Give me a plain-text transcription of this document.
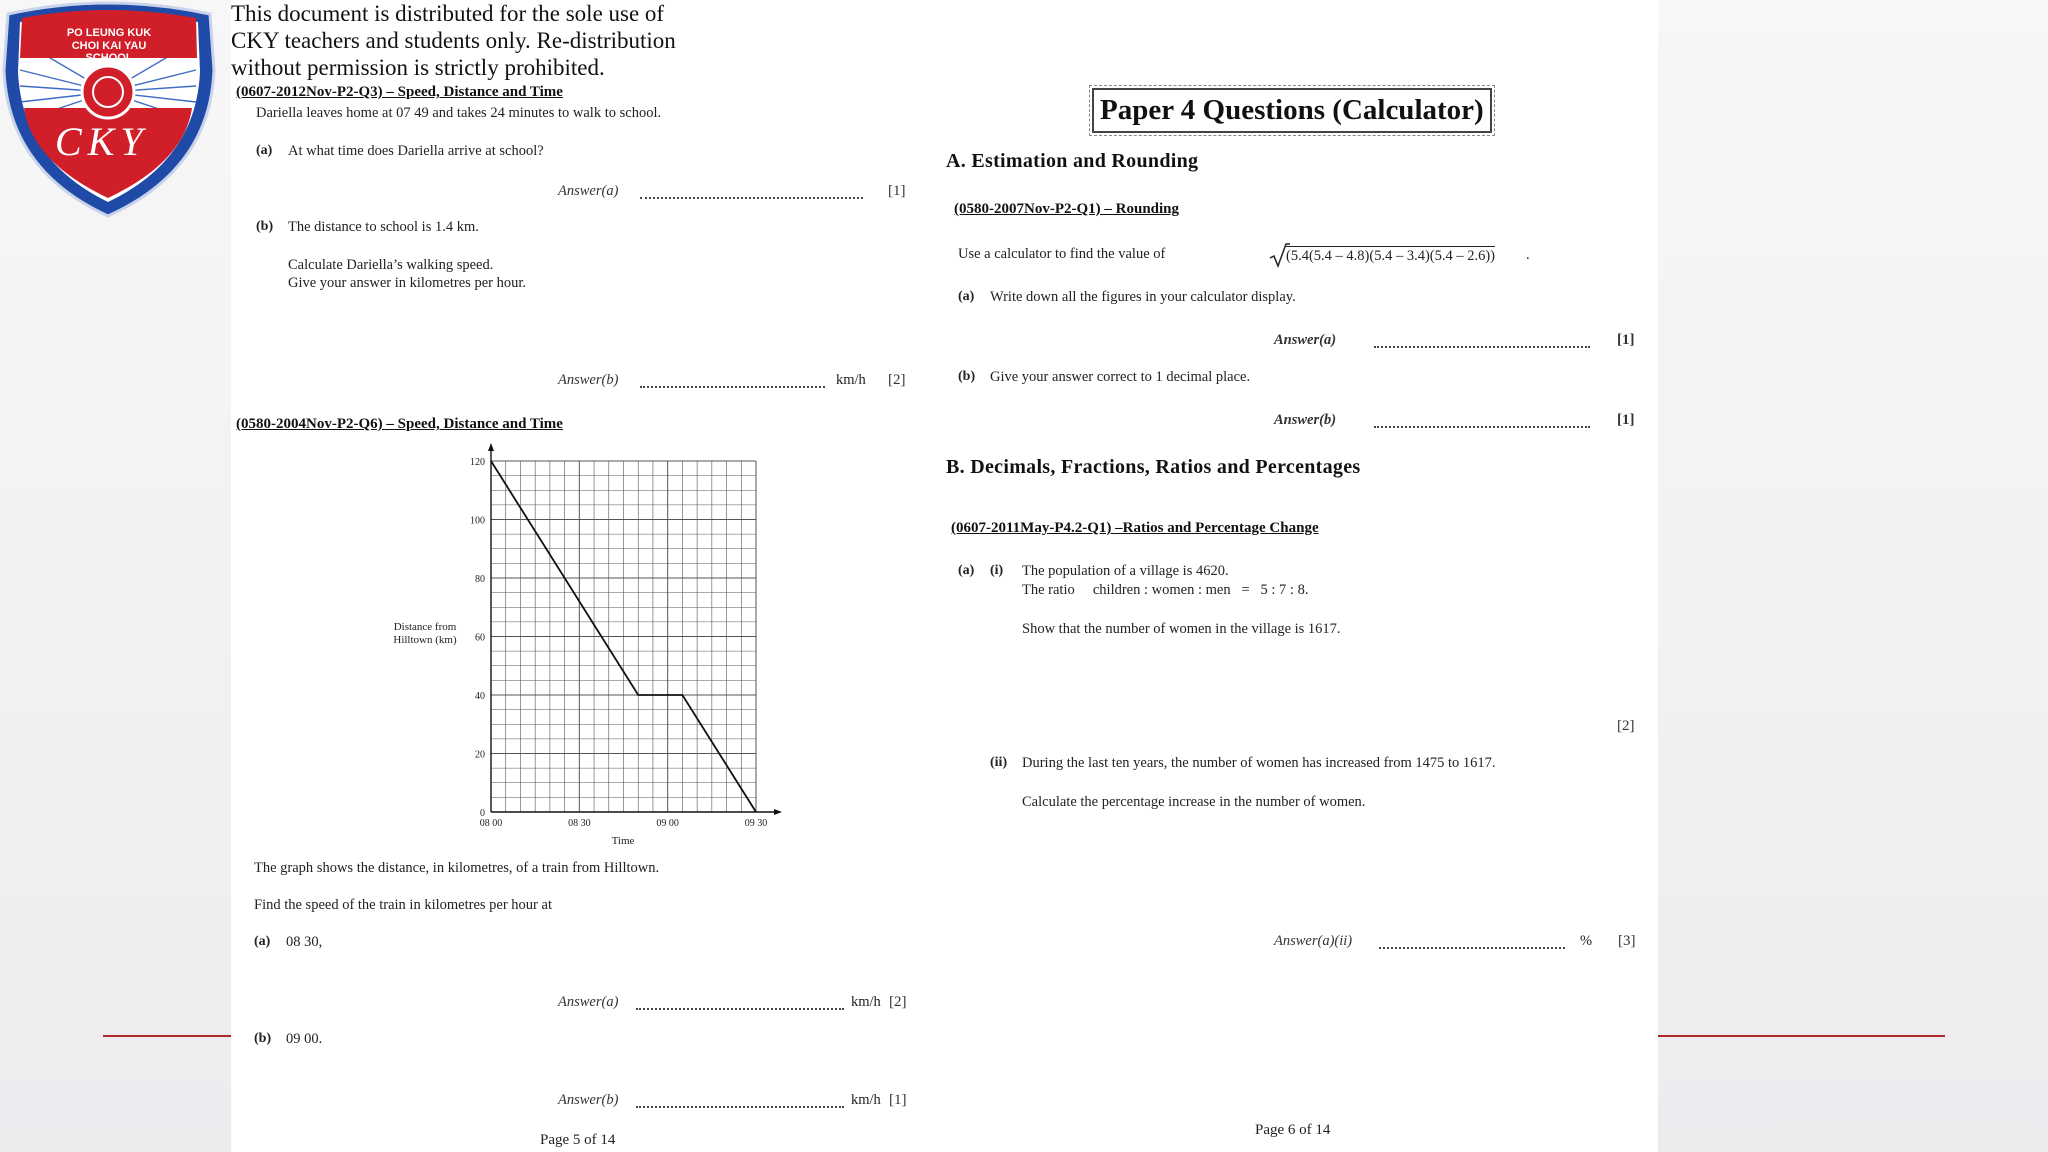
PO LEUNG KUK
CHOI KAI YAU
SCHOOL
CKY
This document is distributed for the sole use of
CKY teachers and students only. Re-distribution
without permission is strictly prohibited.
(0607-2012Nov-P2-Q3) – Speed, Distance and Time
Dariella leaves home at 07 49 and takes 24 minutes to walk to school.
(a) At what time does Dariella arrive at school?
Answer(a)	[1]
(b) The distance to school is 1.4 km.
Calculate Dariella’s walking speed.
Give your answer in kilometres per hour.
Answer(b)	km/h [2]
(0580-2004Nov-P2-Q6) – Speed, Distance and Time
0
20
40
60
80
100
120
08 00	08 30	09 00	09 30
Distance from
Hilltown (km)
Time
The graph shows the distance, in kilometres, of a train from Hilltown.
Find the speed of the train in kilometres per hour at
(a) 08 30,
Answer(a)	km/h [2]
(b) 09 00.
Answer(b)	km/h [1]
Page 5 of 14
Paper 4 Questions (Calculator)
A. Estimation and Rounding
(0580-2007Nov-P2-Q1) – Rounding
Use a calculator to find the value of	(5.4(5.4 – 4.8)(5.4 – 3.4)(5.4 – 2.6)) .
(a) Write down all the figures in your calculator display.
Answer(a)	[1]
(b) Give your answer correct to 1 decimal place.
Answer(b)	[1]
B. Decimals, Fractions, Ratios and Percentages
(0607-2011May-P4.2-Q1) –Ratios and Percentage Change
(a) (i) The population of a village is 4620.
The ratio     children : women : men   =   5 : 7 : 8.
Show that the number of women in the village is 1617.
[2]
(ii) During the last ten years, the number of women has increased from 1475 to 1617.
Calculate the percentage increase in the number of women.
Answer(a)(ii)	% [3]
Page 6 of 14
